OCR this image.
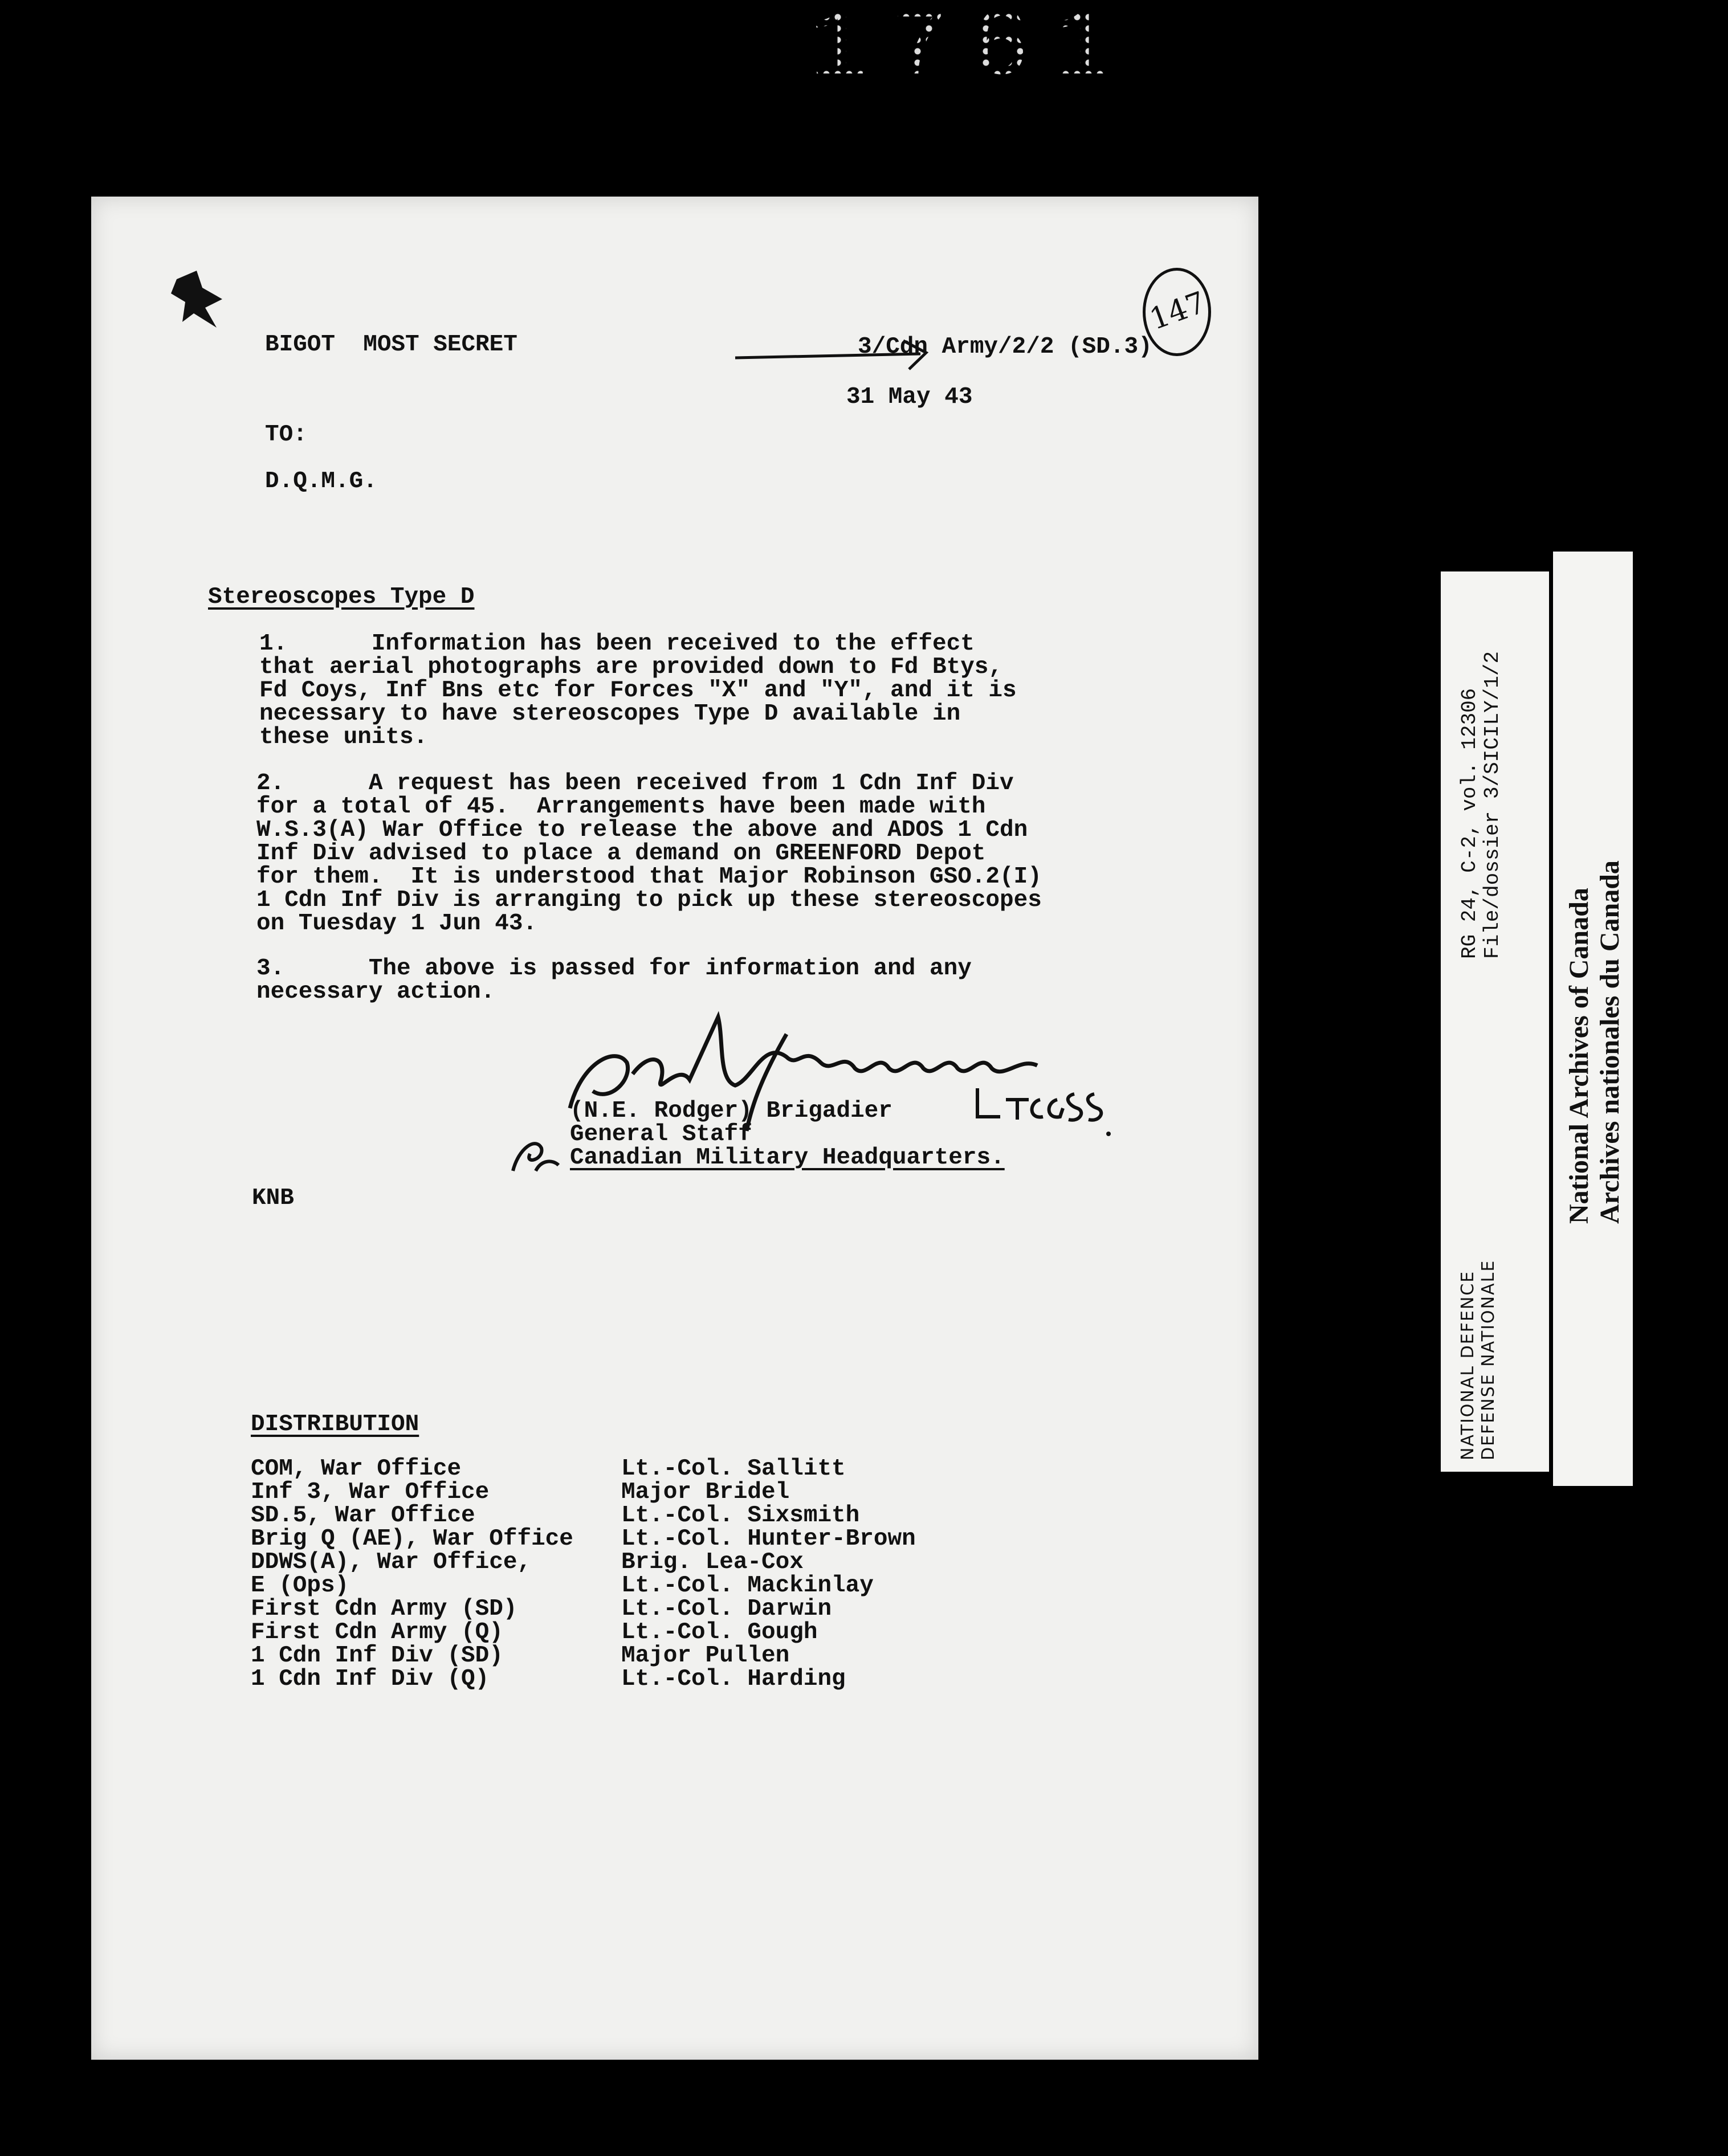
1761
BIGOT  MOST SECRET	3/Cdn Army/2/2 (SD.3)
31 May 43
147
TO:
D.Q.M.G.
Stereoscopes Type D
1.      Information has been received to the effect
that aerial photographs are provided down to Fd Btys,
Fd Coys, Inf Bns etc for Forces "X" and "Y", and it is
necessary to have stereoscopes Type D available in
these units.
2.      A request has been received from 1 Cdn Inf Div
for a total of 45.  Arrangements have been made with
W.S.3(A) War Office to release the above and ADOS 1 Cdn
Inf Div advised to place a demand on GREENFORD Depot
for them.  It is understood that Major Robinson GSO.2(I)
1 Cdn Inf Div is arranging to pick up these stereoscopes
on Tuesday 1 Jun 43.
3.      The above is passed for information and any
necessary action.
(N.E. Rodger) Brigadier
General Staff
Canadian Military Headquarters.
KNB
DISTRIBUTION
COM, War Office
Inf 3, War Office
SD.5, War Office
Brig Q (AE), War Office
DDWS(A), War Office,
E (Ops)
First Cdn Army (SD)
First Cdn Army (Q)
1 Cdn Inf Div (SD)
1 Cdn Inf Div (Q)
Lt.-Col. Sallitt
Major Bridel
Lt.-Col. Sixsmith
Lt.-Col. Hunter-Brown
Brig. Lea-Cox
Lt.-Col. Mackinlay
Lt.-Col. Darwin
Lt.-Col. Gough
Major Pullen
Lt.-Col. Harding
RG 24, C-2, vol. 12306 File/dossier 3/SICILY/1/2
NATIONAL DEFENCE DEFENSE NATIONALE
National Archives of Canada Archives nationales du Canada
